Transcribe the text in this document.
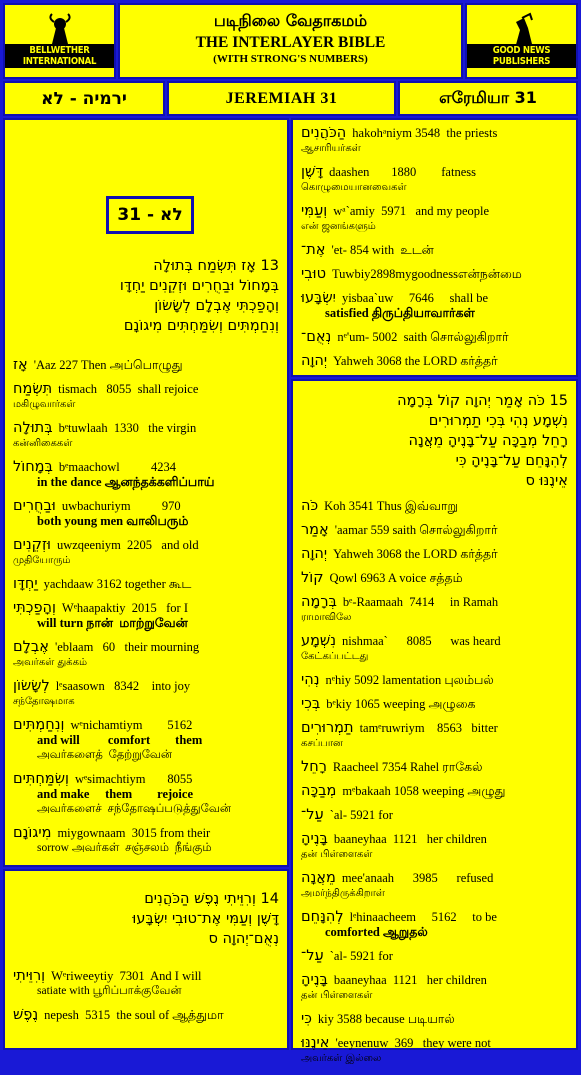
BELLWETHER INTERNATIONAL
படிநிலை வேதாகமம்
THE INTERLAYER BIBLE
(WITH STRONG'S NUMBERS)
GOOD NEWS PUBLISHERS
ירמיה - לא	JEREMIAH 31	எரேமியா 31
לא - 31
13 אָז תִּשְׂמַח בְּתוּלָה
בְּמָחוֹל וּבַחֻרִים וּזְקֵנִים יַחְדָּו
וְהָפַכְתִּי אֶבְלָם לְשָׂשׂוֹן
וְנִחַמְתִּים וְשִׂמַּחְתִּים מִיגוֹנָם
אָז 'Aaz 227 Then அப்பொழுது
תִּשְׂמַח tismach   8055  shall rejoice
மகிழுவார்கள்
בְּתוּלָה bᵉtuwlaah  1330   the virgin
கன்னிகைகள்
בְּמָחוֹל bᵉmaachowl          4234
in the dance ஆனந்தக்களிப்பாய்
וּבַחֻרִים uwbachuriym          970
both young men வாலிபரும்
וּזְקֵנִים uwzqeeniym  2205   and old
முதியோரும்
יַחְדָּו yachdaaw 3162 together கூட
וְהָפַכְתִּי Wᵉhaapaktiy  2015   for I
will turn நான்  மாற்றுவேன்
אֶבְלָם 'eblaam   60   their mourning
அவர்கள் துக்கம்
לְשָׂשׂוֹן lᵉsaasown   8342    into joy
சந்தோஷமாக
וְנִחַמְתִּים wᵉnichamtiym        5162
and will         comfort        them
அவர்களைத்  தேற்றுவேன்
וְשִׂמַּחְתִּים wᵉsimachtiym       8055
and make     them        rejoice
அவர்களைச்  சந்தோஷப்படுத்துவேன்
מִיגוֹנָם miygownaam  3015 from their
sorrow அவர்கள்  சஞ்சலம்  நீங்கும்
14 וְרִוֵּיתִי נֶפֶשׁ הַכֹּהֲנִים
דָּשֶׁן וְעַמִּי אֶת־טוּבִי יִשְׂבָּעוּ
נְאֻם־יְהוָה ס
וְרִוֵּיתִי Wᵉriweeytiy  7301  And I will
satiate with பூரிப்பாக்குவேன்
נֶפֶשׁ nepesh  5315  the soul of ஆத்துமா
הַכֹּהֲנִים hakohᵃniym 3548  the priests
ஆசாரியர்கள்
דָּשֶׁן daashen       1880        fatness
கொழுமையானவைகள்
וְעַמִּי wᵃ`amiy  5971   and my people
என் ஜனங்களும்
אֶת־ 'et- 854 with  உடன்
טוּבִי Tuwbiy2898mygoodnessஎன்நன்மை
יִשְׂבָּעוּ yisbaa`uw     7646     shall be
satisfied திருப்தியாவார்கள்
נְאֻם־ nᵉ'um- 5002  saith சொல்லுகிறார்
יְהוָה Yahweh 3068 the LORD கர்த்தர்
15 כֹּה אָמַר יְהוָה קוֹל בְּרָמָה
נִשְׁמָע נְהִי בְּכִי תַמְרוּרִים
רָחֵל מְבַכָּה עַל־בָּנֶיהָ מֵאֲנָה
לְהִנָּחֵם עַל־בָּנֶיהָ כִּי
אֵינֶנּוּ ס
כֹּה Koh 3541 Thus இவ்வாறு
אָמַר 'aamar 559 saith சொல்லுகிறார்
יְהוָה Yahweh 3068 the LORD கர்த்தர்
קוֹל Qowl 6963 A voice சத்தம்
בְּרָמָה bᵉ-Raamaah  7414     in Ramah
ராமாவிலே
נִשְׁמָע nishmaa`      8085      was heard
கேட்கப்பட்டது
נְהִי nᵉhiy 5092 lamentation புலம்பல்
בְּכִי bᵉkiy 1065 weeping அழுகை
תַמְרוּרִים tamᵉruwriym    8563   bitter
கசப்பான
רָחֵל Raacheel 7354 Rahel ராகேல்
מְבַכָּה mᵉbakaah 1058 weeping அழுது
עַל־ `al- 5921 for
בָּנֶיהָ baaneyhaa  1121   her children
தன் பிள்ளைகள்
מֵאֲנָה mee'anaah      3985      refused
அமர்ந்திருக்கிறாள்
לְהִנָּחֵם lᵉhinaacheem     5162     to be
comforted ஆறுதல்
עַל־ `al- 5921 for
בָּנֶיהָ baaneyhaa  1121   her children
தன் பிள்ளைகள்
כִּי kiy 3588 because படியால்
אֵינֶנּוּ 'eeynenuw  369   they were not
அவர்கள் இல்லை
